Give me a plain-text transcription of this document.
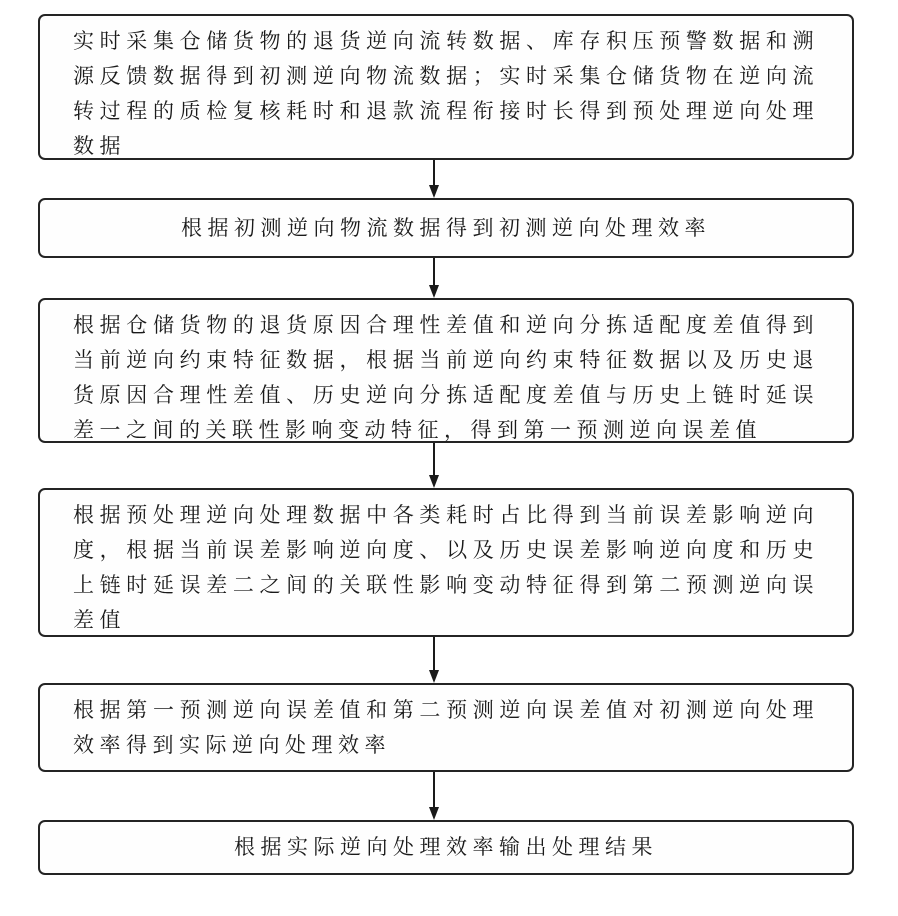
实时采集仓储货物的退货逆向流转数据、库存积压预警数据和溯源反馈数据得到初测逆向物流数据；实时采集仓储货物在逆向流转过程的质检复核耗时和退款流程衔接时长得到预处理逆向处理数据
根据初测逆向物流数据得到初测逆向处理效率
根据仓储货物的退货原因合理性差值和逆向分拣适配度差值得到当前逆向约束特征数据，根据当前逆向约束特征数据以及历史退货原因合理性差值、历史逆向分拣适配度差值与历史上链时延误差一之间的关联性影响变动特征，得到第一预测逆向误差值
根据预处理逆向处理数据中各类耗时占比得到当前误差影响逆向度，根据当前误差影响逆向度、以及历史误差影响逆向度和历史上链时延误差二之间的关联性影响变动特征得到第二预测逆向误差值
根据第一预测逆向误差值和第二预测逆向误差值对初测逆向处理效率得到实际逆向处理效率
根据实际逆向处理效率输出处理结果
